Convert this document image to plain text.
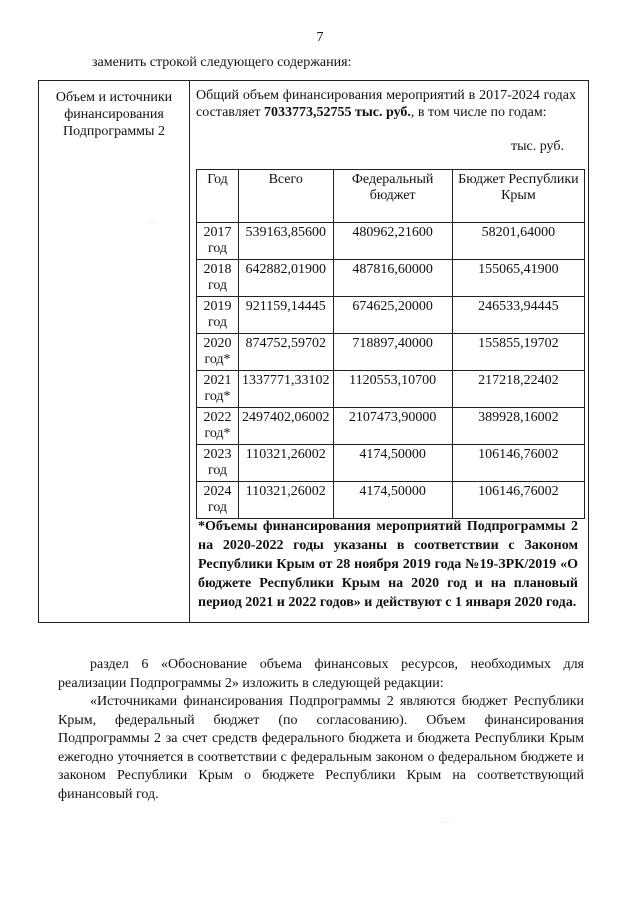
7
заменить строкой следующего содержания:
Объем и источники
финансирования
Подпрограммы 2
Общий объем финансирования мероприятий в 2017-2024 годах составляет 7033773,52755 тыс. руб., в том числе по годам:
тыс. руб.
Год	Всего	Федеральный бюджет	Бюджет Республики Крым
2017 год	539163,85600	480962,21600	58201,64000
2018 год	642882,01900	487816,60000	155065,41900
2019 год	921159,14445	674625,20000	246533,94445
2020 год*	874752,59702	718897,40000	155855,19702
2021 год*	1337771,33102	1120553,10700	217218,22402
2022 год*	2497402,06002	2107473,90000	389928,16002
2023 год	110321,26002	4174,50000	106146,76002
2024 год	110321,26002	4174,50000	106146,76002
*Объемы финансирования мероприятий Подпрограммы 2 на 2020-2022 годы указаны в соответствии с Законом Республики Крым от 28 ноября 2019 года №19-ЗРК/2019 «О бюджете Республики Крым на 2020 год и на плановый период 2021 и 2022 годов» и действуют с 1 января 2020 года.

раздел 6 «Обоснование объема финансовых ресурсов, необходимых для реализации Подпрограммы 2» изложить в следующей редакции:

«Источниками финансирования Подпрограммы 2 являются бюджет Республики Крым, федеральный бюджет (по согласованию). Объем финансирования Подпрограммы 2 за счет средств федерального бюджета и бюджета Республики Крым ежегодно уточняется в соответствии с федеральным законом о федеральном бюджете и законом Республики Крым о бюджете Республики Крым на соответствующий финансовый год.

· ·
· · ·
